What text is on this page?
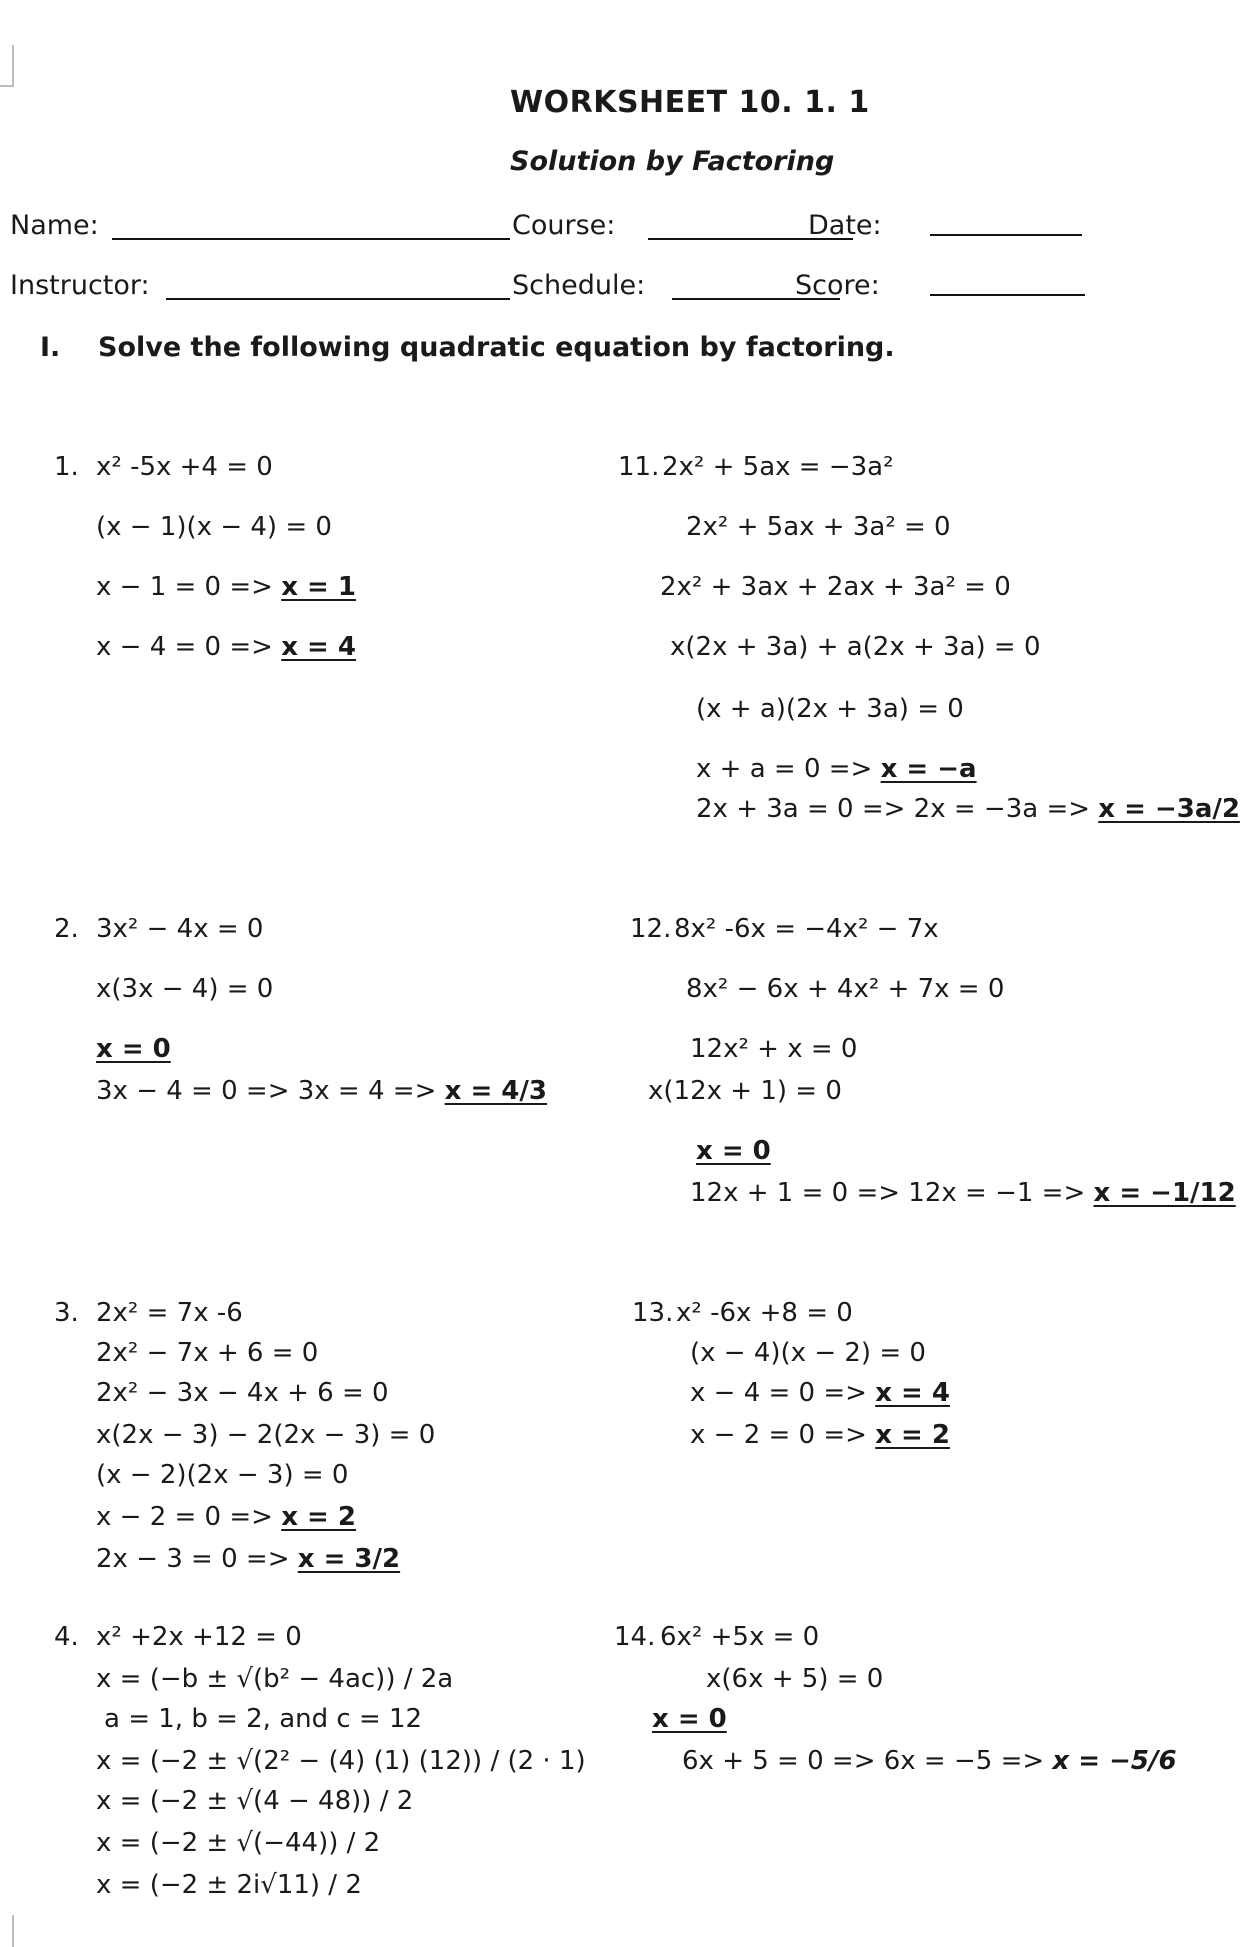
WORKSHEET 10. 1. 1
Solution by Factoring
Name:	Course:	Date:
Instructor:	Schedule:	Score:
I. Solve the following quadratic equation by factoring.
1. x² -5x +4 = 0
(x − 1)(x − 4) = 0
x − 1 = 0 => x = 1
x − 4 = 0 => x = 4
11. 2x² + 5ax = −3a²
2x² + 5ax + 3a² = 0
2x² + 3ax + 2ax + 3a² = 0
x(2x + 3a) + a(2x + 3a) = 0
(x + a)(2x + 3a) = 0
x + a = 0 => x = −a
2x + 3a = 0 => 2x = −3a => x = −3a/2
2. 3x² − 4x = 0
x(3x − 4) = 0
x = 0
3x − 4 = 0 => 3x = 4 => x = 4/3
12. 8x² -6x = −4x² − 7x
8x² − 6x + 4x² + 7x = 0
12x² + x = 0
x(12x + 1) = 0
x = 0
12x + 1 = 0 => 12x = −1 => x = −1/12
3. 2x² = 7x -6
2x² − 7x + 6 = 0
2x² − 3x − 4x + 6 = 0
x(2x − 3) − 2(2x − 3) = 0
(x − 2)(2x − 3) = 0
x − 2 = 0 => x = 2
2x − 3 = 0 => x = 3/2
13. x² -6x +8 = 0
(x − 4)(x − 2) = 0
x − 4 = 0 => x = 4
x − 2 = 0 => x = 2
4. x² +2x +12 = 0
x = (−b ± √(b² − 4ac)) / 2a
a = 1, b = 2, and c = 12
x = (−2 ± √(2² − (4) (1) (12)) / (2 · 1)
x = (−2 ± √(4 − 48)) / 2
x = (−2 ± √(−44)) / 2
x = (−2 ± 2i√11) / 2
14. 6x² +5x = 0
x(6x + 5) = 0
x = 0
6x + 5 = 0 => 6x = −5 => x = −5/6
